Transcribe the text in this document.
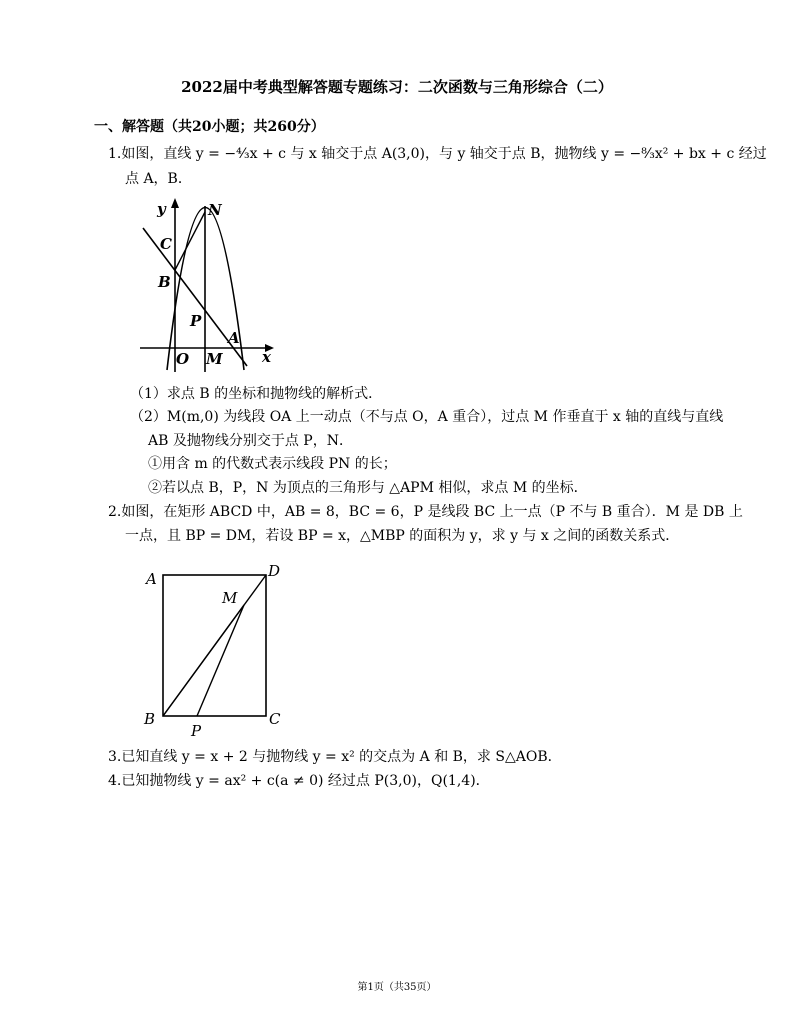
2022届中考典型解答题专题练习：二次函数与三角形综合（二）
一、解答题（共20小题；共260分）
1.如图，直线 y = −⁴⁄₃x + c 与 x 轴交于点 A(3,0)，与 y 轴交于点 B，抛物线 y = −⁸⁄₃x² + bx + c 经过
点 A，B．
y	N
C
B
P
A
O M	x
（1）求点 B 的坐标和抛物线的解析式．
（2）M(m,0) 为线段 OA 上一动点（不与点 O，A 重合），过点 M 作垂直于 x 轴的直线与直线
AB 及抛物线分别交于点 P，N．
①用含 m 的代数式表示线段 PN 的长；
②若以点 B，P，N 为顶点的三角形与 △APM 相似，求点 M 的坐标．
2.如图，在矩形 ABCD 中，AB = 8，BC = 6，P 是线段 BC 上一点（P 不与 B 重合）．M 是 DB 上
一点，且 BP = DM，若设 BP = x，△MBP 的面积为 y，求 y 与 x 之间的函数关系式．
A	D
M
B
P
C
3.已知直线 y = x + 2 与抛物线 y = x² 的交点为 A 和 B，求 S△AOB．
4.已知抛物线 y = ax² + c(a ≠ 0) 经过点 P(3,0)，Q(1,4)．
第1页（共35页）
